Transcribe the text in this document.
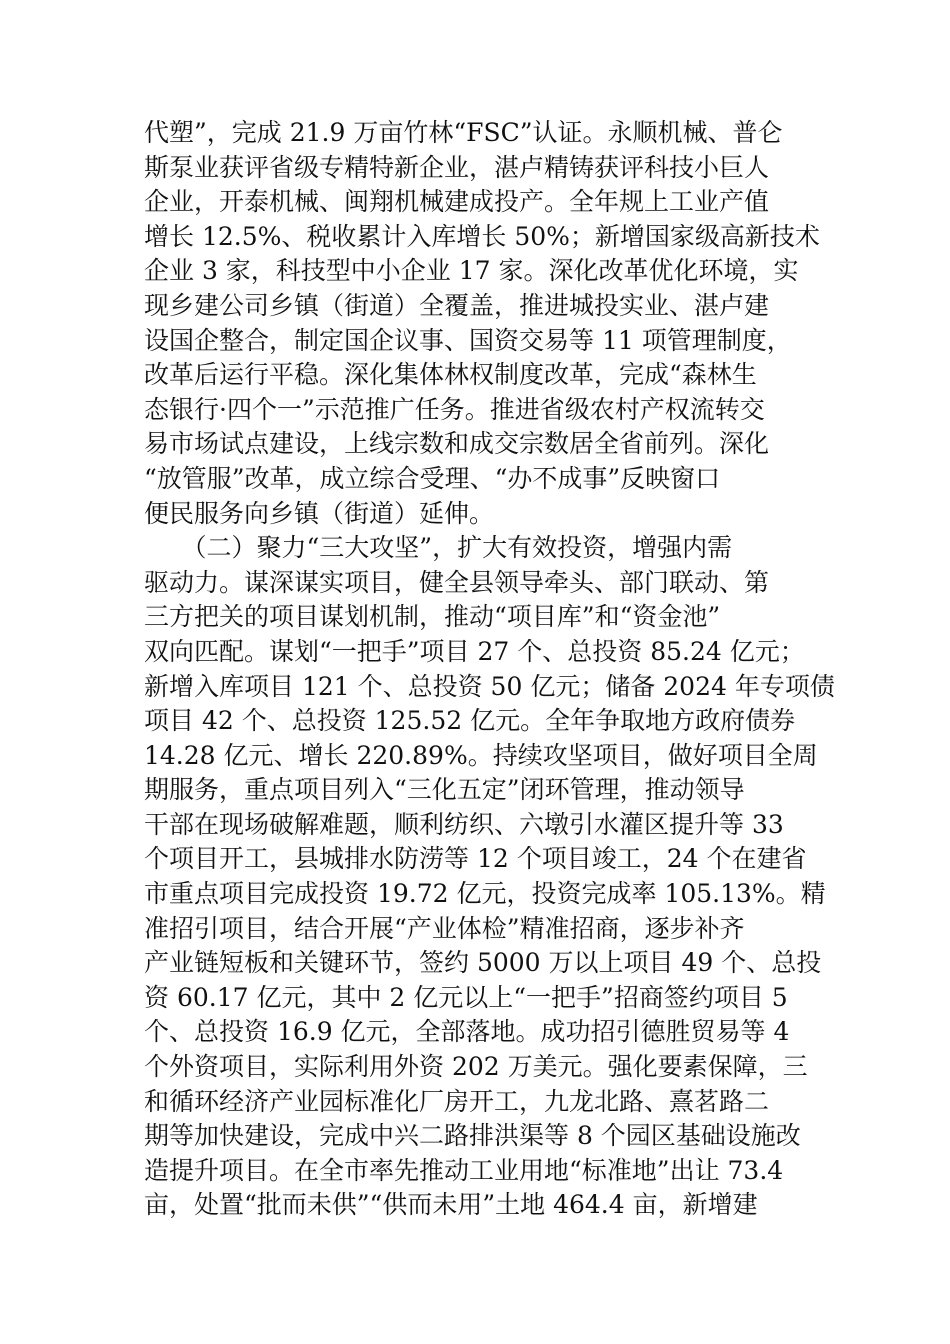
代塑”，完成 21.9 万亩竹林“FSC”认证。永顺机械、普仑
斯泵业获评省级专精特新企业，湛卢精铸获评科技小巨人
企业，开泰机械、闽翔机械建成投产。全年规上工业产值
增长 12.5%、税收累计入库增长 50%；新增国家级高新技术
企业 3 家，科技型中小企业 17 家。深化改革优化环境，实
现乡建公司乡镇（街道）全覆盖，推进城投实业、湛卢建
设国企整合，制定国企议事、国资交易等 11 项管理制度，
改革后运行平稳。深化集体林权制度改革，完成“森林生
态银行·四个一”示范推广任务。推进省级农村产权流转交
易市场试点建设，上线宗数和成交宗数居全省前列。深化
“放管服”改革，成立综合受理、“办不成事”反映窗口
便民服务向乡镇（街道）延伸。
　　（二）聚力“三大攻坚”，扩大有效投资，增强内需
驱动力。谋深谋实项目，健全县领导牵头、部门联动、第
三方把关的项目谋划机制，推动“项目库”和“资金池”
双向匹配。谋划“一把手”项目 27 个、总投资 85.24 亿元；
新增入库项目 121 个、总投资 50 亿元；储备 2024 年专项债
项目 42 个、总投资 125.52 亿元。全年争取地方政府债券
14.28 亿元、增长 220.89%。持续攻坚项目，做好项目全周
期服务，重点项目列入“三化五定”闭环管理，推动领导
干部在现场破解难题，顺利纺织、六墩引水灌区提升等 33
个项目开工，县城排水防涝等 12 个项目竣工，24 个在建省
市重点项目完成投资 19.72 亿元，投资完成率 105.13%。精
准招引项目，结合开展“产业体检”精准招商，逐步补齐
产业链短板和关键环节，签约 5000 万以上项目 49 个、总投
资 60.17 亿元，其中 2 亿元以上“一把手”招商签约项目 5
个、总投资 16.9 亿元，全部落地。成功招引德胜贸易等 4
个外资项目，实际利用外资 202 万美元。强化要素保障，三
和循环经济产业园标准化厂房开工，九龙北路、熹茗路二
期等加快建设，完成中兴二路排洪渠等 8 个园区基础设施改
造提升项目。在全市率先推动工业用地“标准地”出让 73.4
亩，处置“批而未供”“供而未用”土地 464.4 亩，新增建
